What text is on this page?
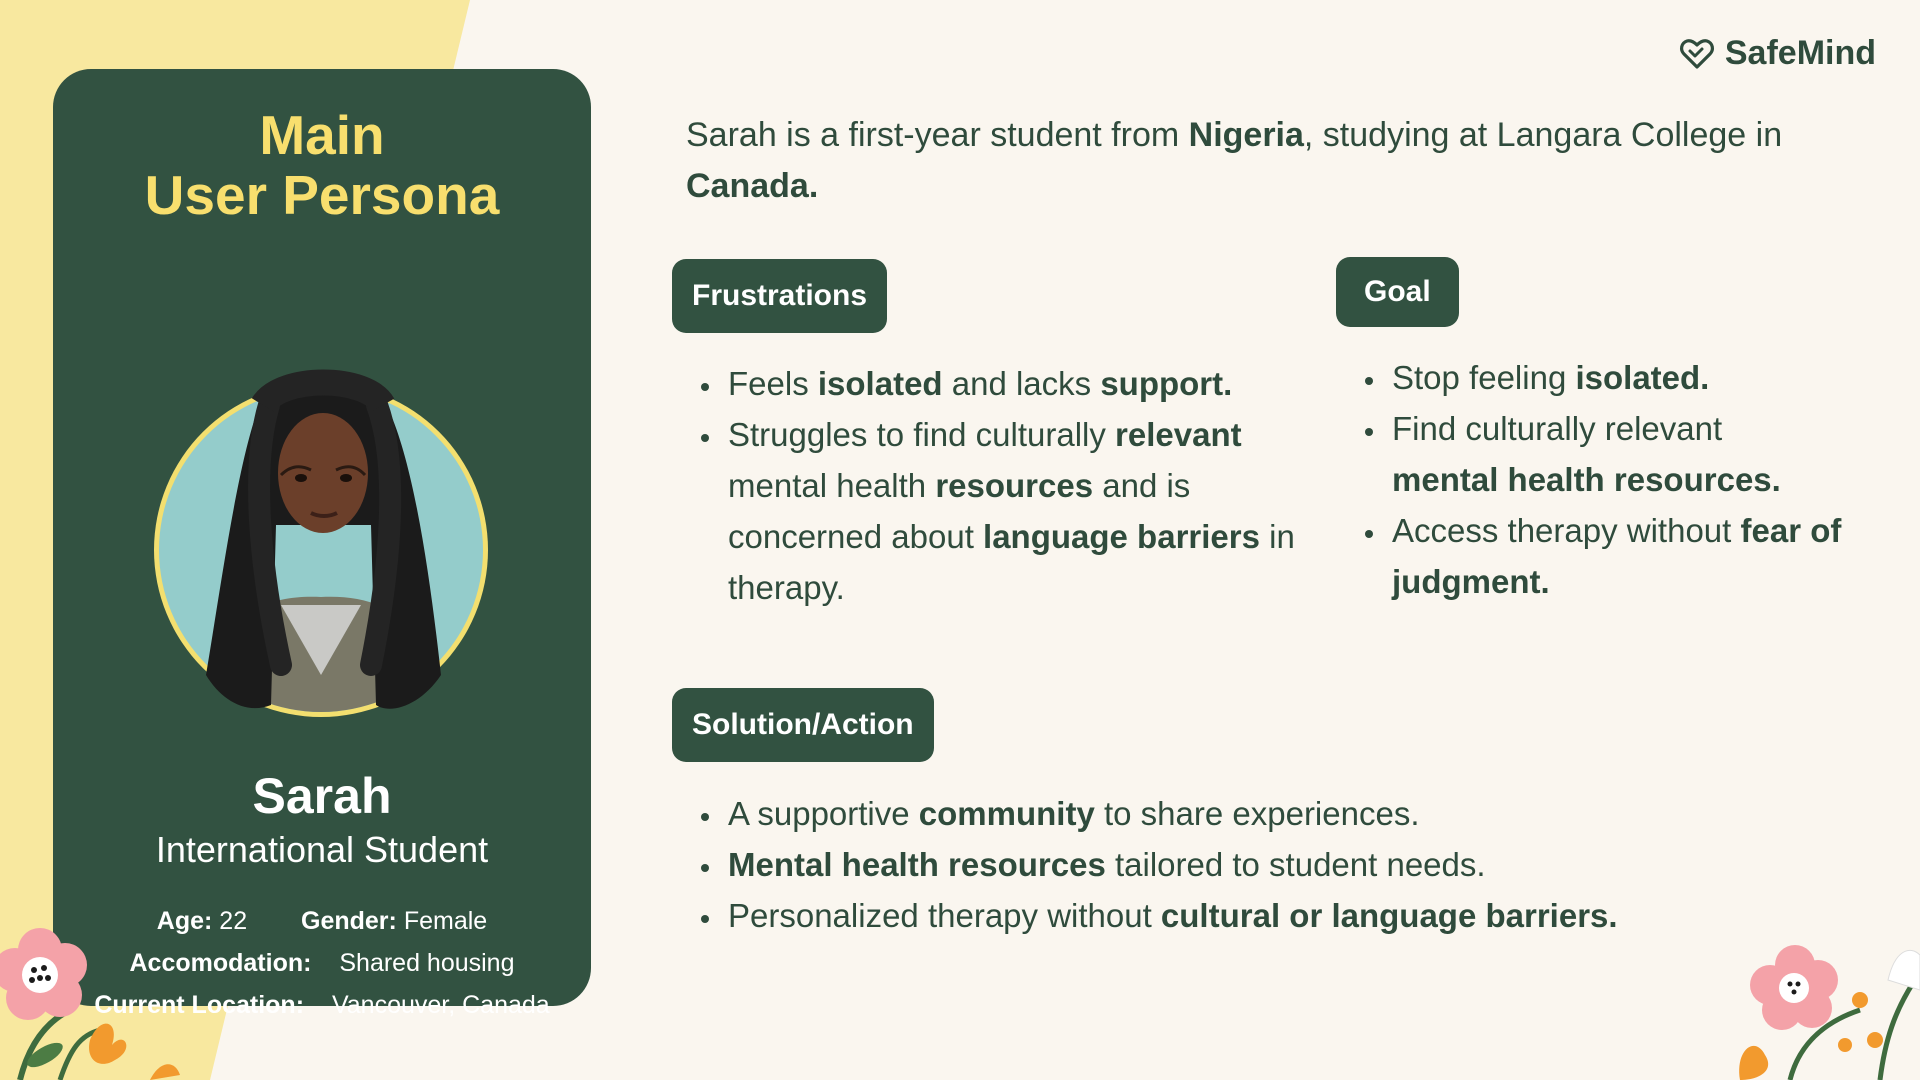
SafeMind
Main
User Persona
Sarah
International Student
Age: 22 Gender: Female
Accomodation: Shared housing
Current Location: Vancouver, Canada
Sarah is a first-year student from Nigeria, studying at Langara College in
Canada.
Frustrations
• Feels isolated and lacks support.
• Struggles to find culturally relevant mental health resources and is concerned about language barriers in therapy.
Goal
• Stop feeling isolated.
• Find culturally relevant
mental health resources.
• Access therapy without fear of judgment.
Solution/Action
• A supportive community to share experiences.
• Mental health resources tailored to student needs.
• Personalized therapy without cultural or language barriers.
